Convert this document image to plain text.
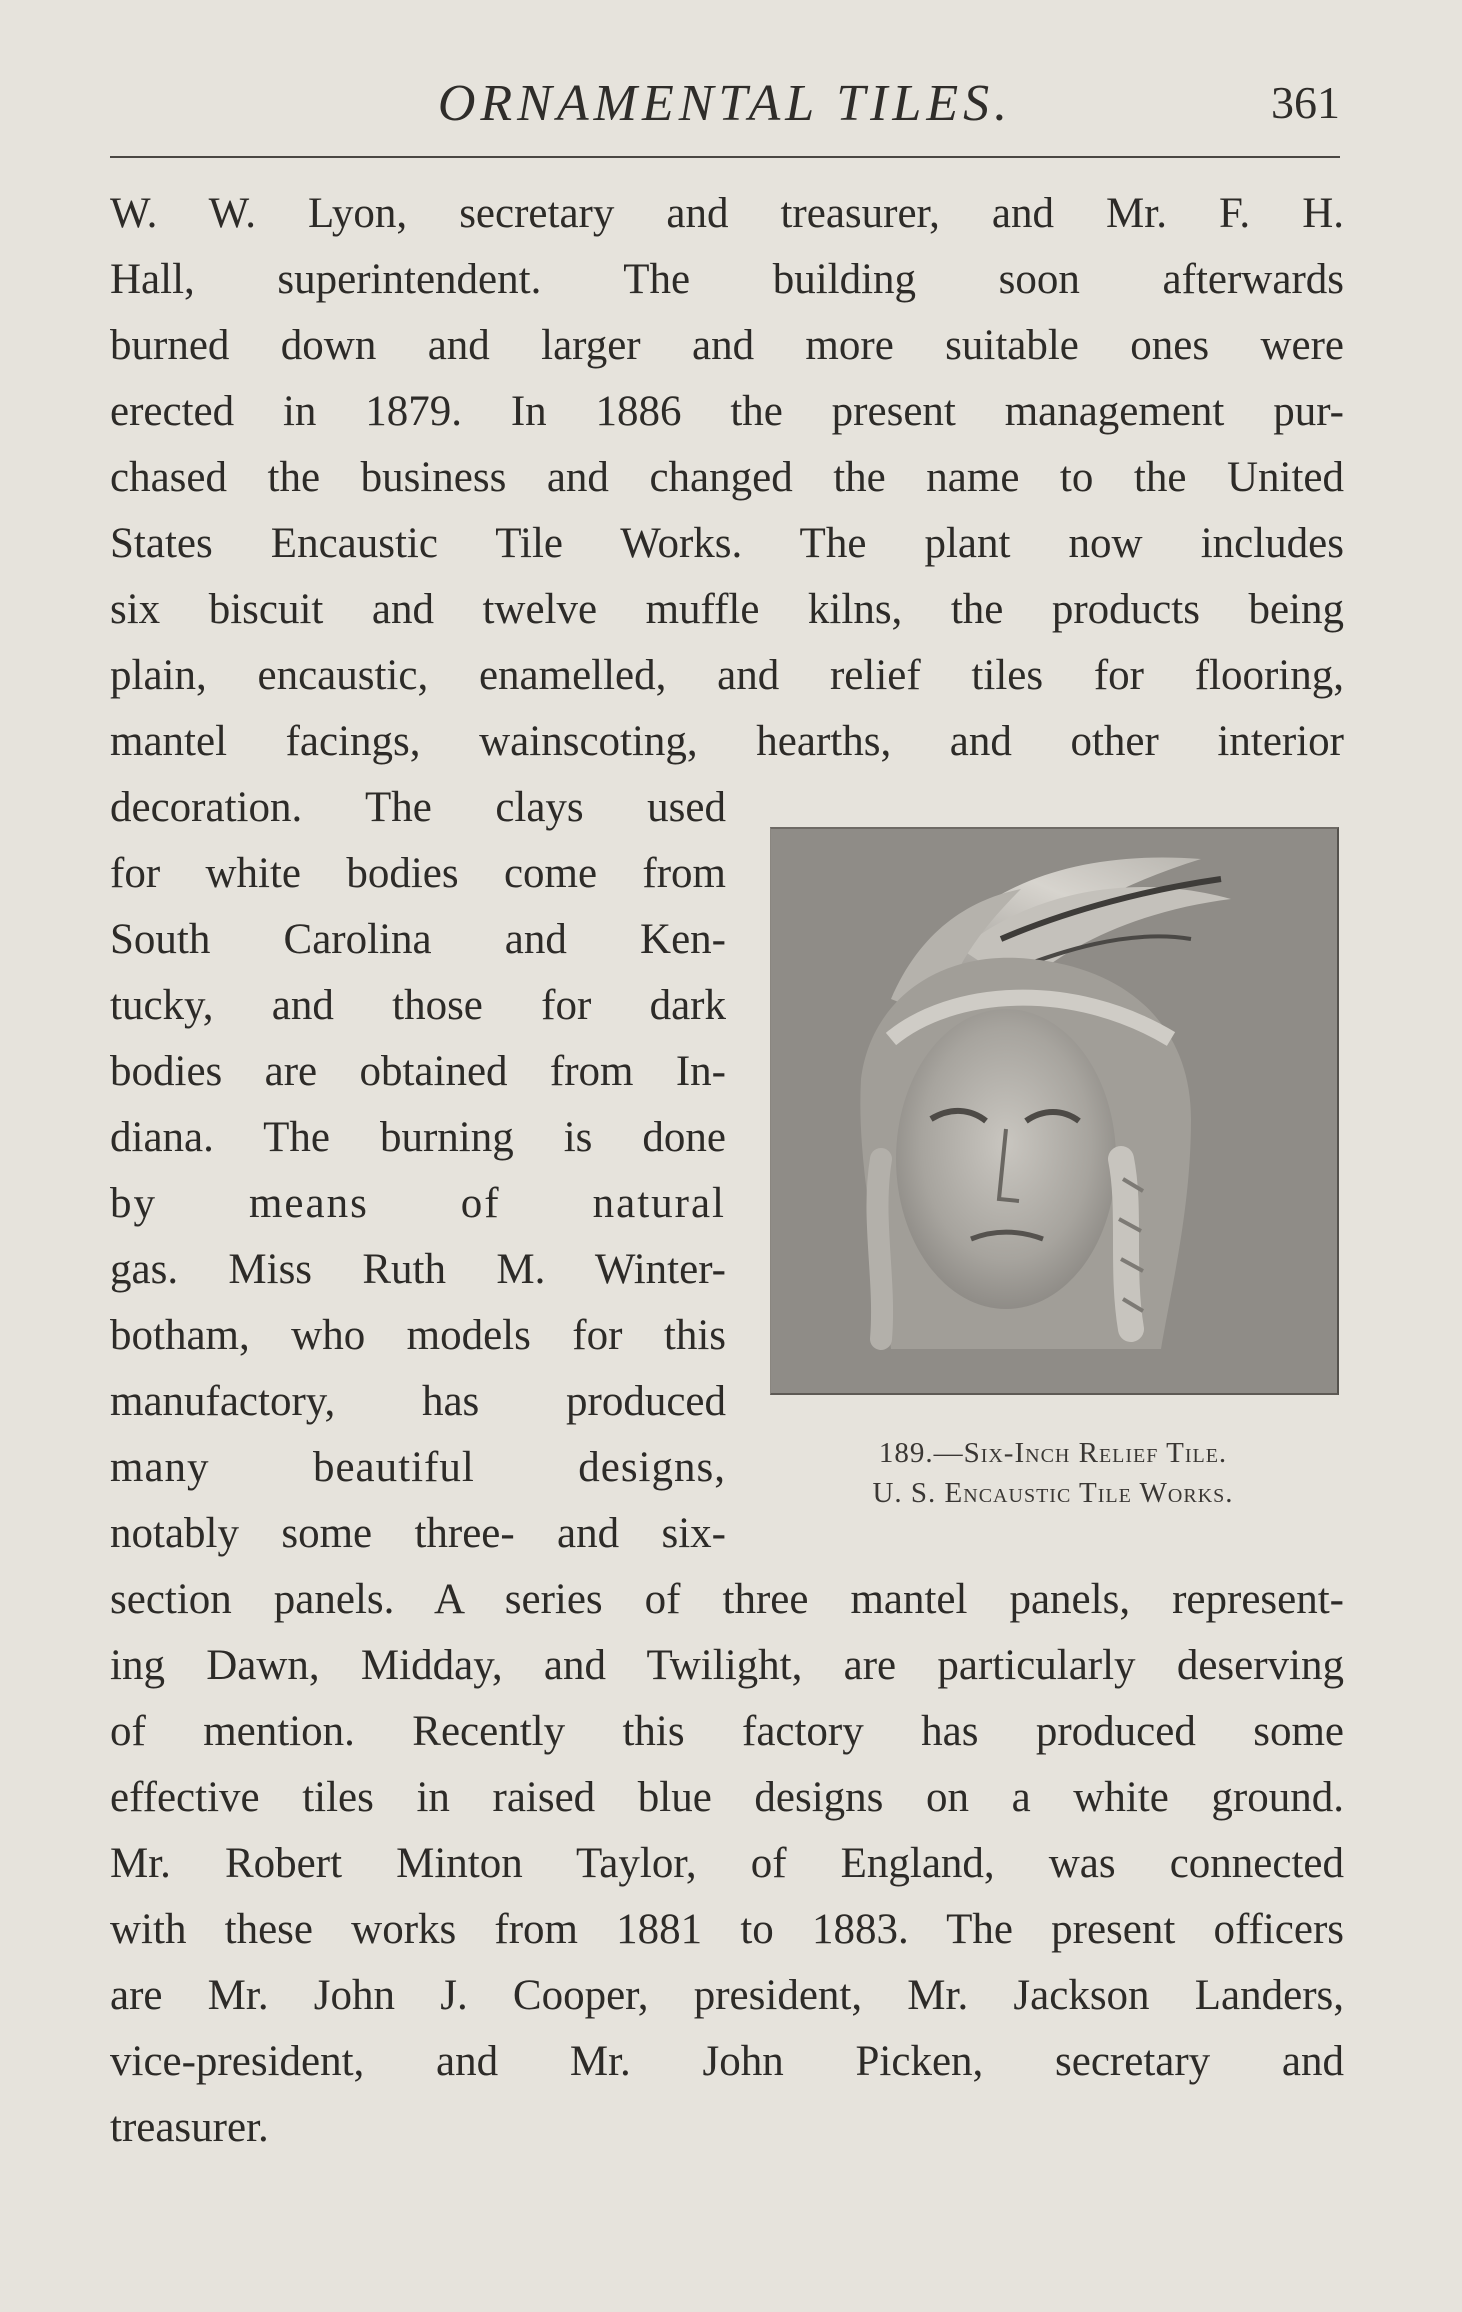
ORNAMENTAL TILES.	361
W. W. Lyon, secretary and treasurer, and Mr. F. H.
Hall, superintendent. The building soon afterwards
burned down and larger and more suitable ones were
erected in 1879. In 1886 the present management pur-
chased the business and changed the name to the United
States Encaustic Tile Works. The plant now includes
six biscuit and twelve muffle kilns, the products being
plain, encaustic, enamelled, and relief tiles for flooring,
mantel facings, wainscoting, hearths, and other interior
decoration. The clays used
for white bodies come from
South Carolina and Ken-
tucky, and those for dark
bodies are obtained from In-
diana. The burning is done
by means of natural
gas. Miss Ruth M. Winter-
botham, who models for this
manufactory, has produced
many beautiful designs,
notably some three- and six-
section panels. A series of three mantel panels, represent-
ing Dawn, Midday, and Twilight, are particularly deserving
of mention. Recently this factory has produced some
effective tiles in raised blue designs on a white ground.
Mr. Robert Minton Taylor, of England, was connected
with these works from 1881 to 1883. The present officers
are Mr. John J. Cooper, president, Mr. Jackson Landers,
vice-president, and Mr. John Picken, secretary and
treasurer.
189.—Six-Inch Relief Tile.
U. S. Encaustic Tile Works.
